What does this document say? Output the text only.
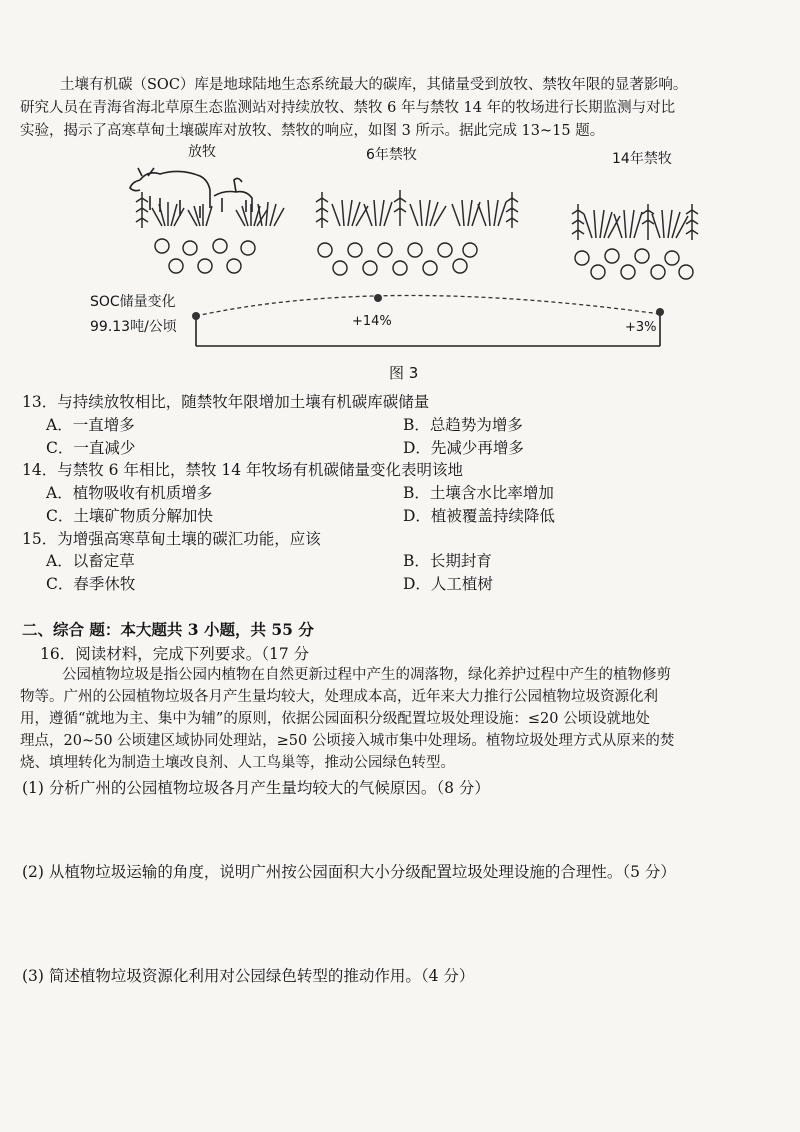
土壤有机碳（SOC）库是地球陆地生态系统最大的碳库，其储量受到放牧、禁牧年限的显著影响。
研究人员在青海省海北草原生态监测站对持续放牧、禁牧 6 年与禁牧 14 年的牧场进行长期监测与对比
实验，揭示了高寒草甸土壤碳库对放牧、禁牧的响应，如图 3 所示。据此完成 13~15 题。
放牧	6年禁牧	14年禁牧
SOC储量变化
99.13吨/公顷	+14%	+3%
图 3
13．与持续放牧相比，随禁牧年限增加土壤有机碳库碳储量
A．一直增多	B．总趋势为增多
C．一直减少	D．先减少再增多
14．与禁牧 6 年相比，禁牧 14 年牧场有机碳储量变化表明该地
A．植物吸收有机质增多	B．土壤含水比率增加
C．土壤矿物质分解加快	D．植被覆盖持续降低
15．为增强高寒草甸土壤的碳汇功能，应该
A．以畜定草	B．长期封育
C．春季休牧	D．人工植树
二、综合 题：本大题共 3 小题，共 55 分
16．阅读材料，完成下列要求。（17 分
公园植物垃圾是指公园内植物在自然更新过程中产生的凋落物，绿化养护过程中产生的植物修剪
物等。广州的公园植物垃圾各月产生量均较大，处理成本高，近年来大力推行公园植物垃圾资源化利
用，遵循“就地为主、集中为辅”的原则，依据公园面积分级配置垃圾处理设施：≤20 公顷设就地处
理点，20~50 公顷建区域协同处理站，≥50 公顷接入城市集中处理场。植物垃圾处理方式从原来的焚
烧、填埋转化为制造土壤改良剂、人工鸟巢等，推动公园绿色转型。
(1) 分析广州的公园植物垃圾各月产生量均较大的气候原因。（8 分）
(2) 从植物垃圾运输的角度，说明广州按公园面积大小分级配置垃圾处理设施的合理性。（5 分）
(3) 简述植物垃圾资源化利用对公园绿色转型的推动作用。（4 分）
